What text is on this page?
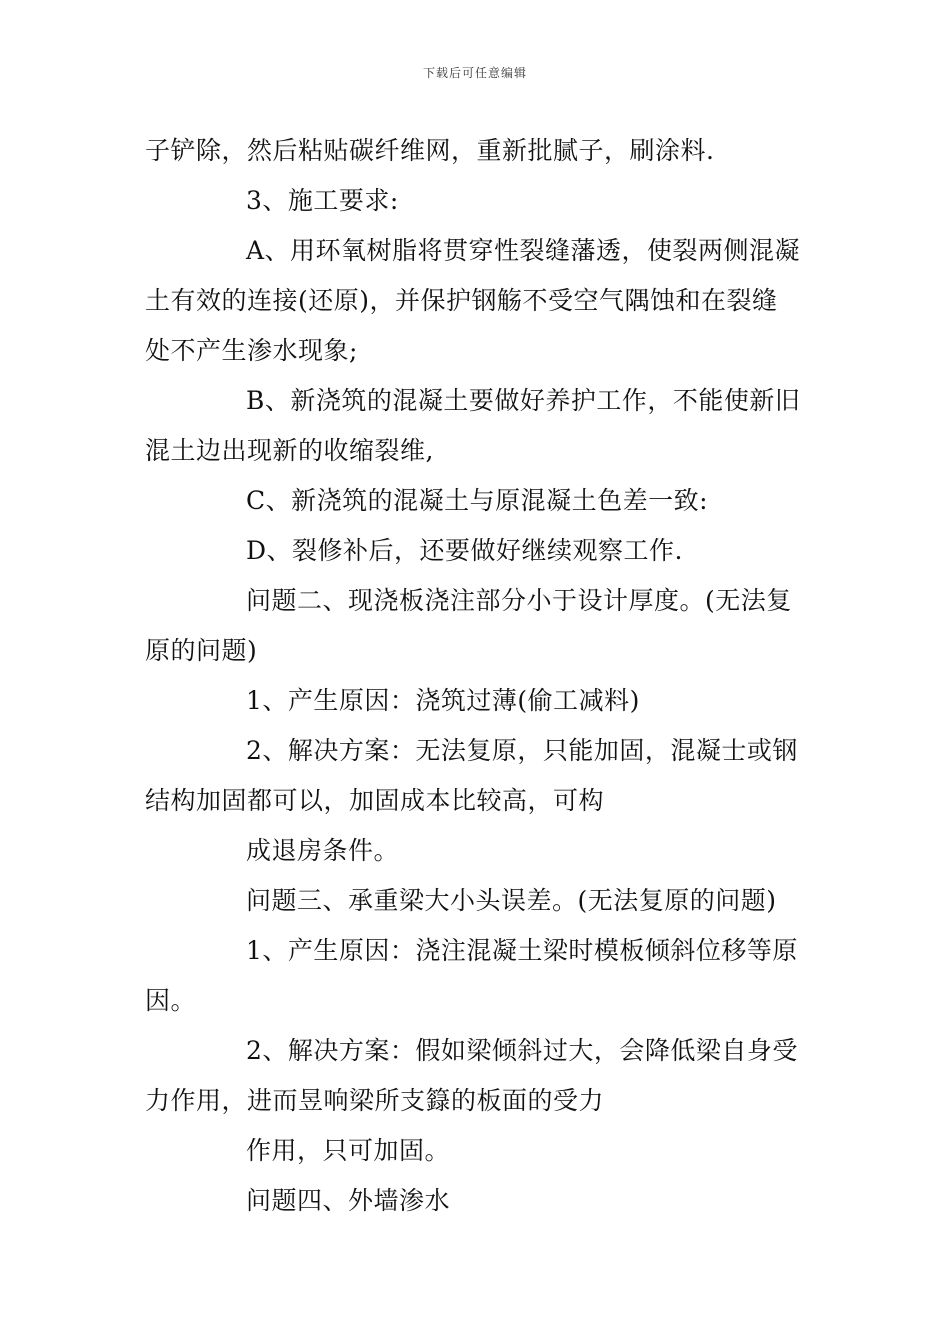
下载后可任意编辑
子铲除，然后粘贴碳纤维网，重新批腻子，刷涂料.
3、施工要求:
A、用环氧树脂将贯穿性裂缝藩透，使裂两侧混凝
土有效的连接(还原)，并保护钢觞不受空气隅蚀和在裂缝
处不产生渗水现象;
B、新浇筑的混凝土要做好养护工作，不能使新旧
混土边出现新的收缩裂维,
C、新浇筑的混凝土与原混凝土色差一致:
D、裂修补后，还要做好继续观察工作.
问题二、现浇板浇注部分小于设计厚度。(无法复
原的问题)
1、产生原因：浇筑过薄(偷工减料)
2、解决方案：无法复原，只能加固，混凝士或钢
结构加固都可以，加固成本比较高，可构
成退房条件。
问题三、承重梁大小头误差。(无法复原的问题)
1、产生原因：浇注混凝土梁时模板倾斜位移等原
因。
2、解决方案：假如梁倾斜过大，会降低梁自身受
力作用，进而昱响梁所支籙的板面的受力
作用，只可加固。
问题四、外墙渗水
